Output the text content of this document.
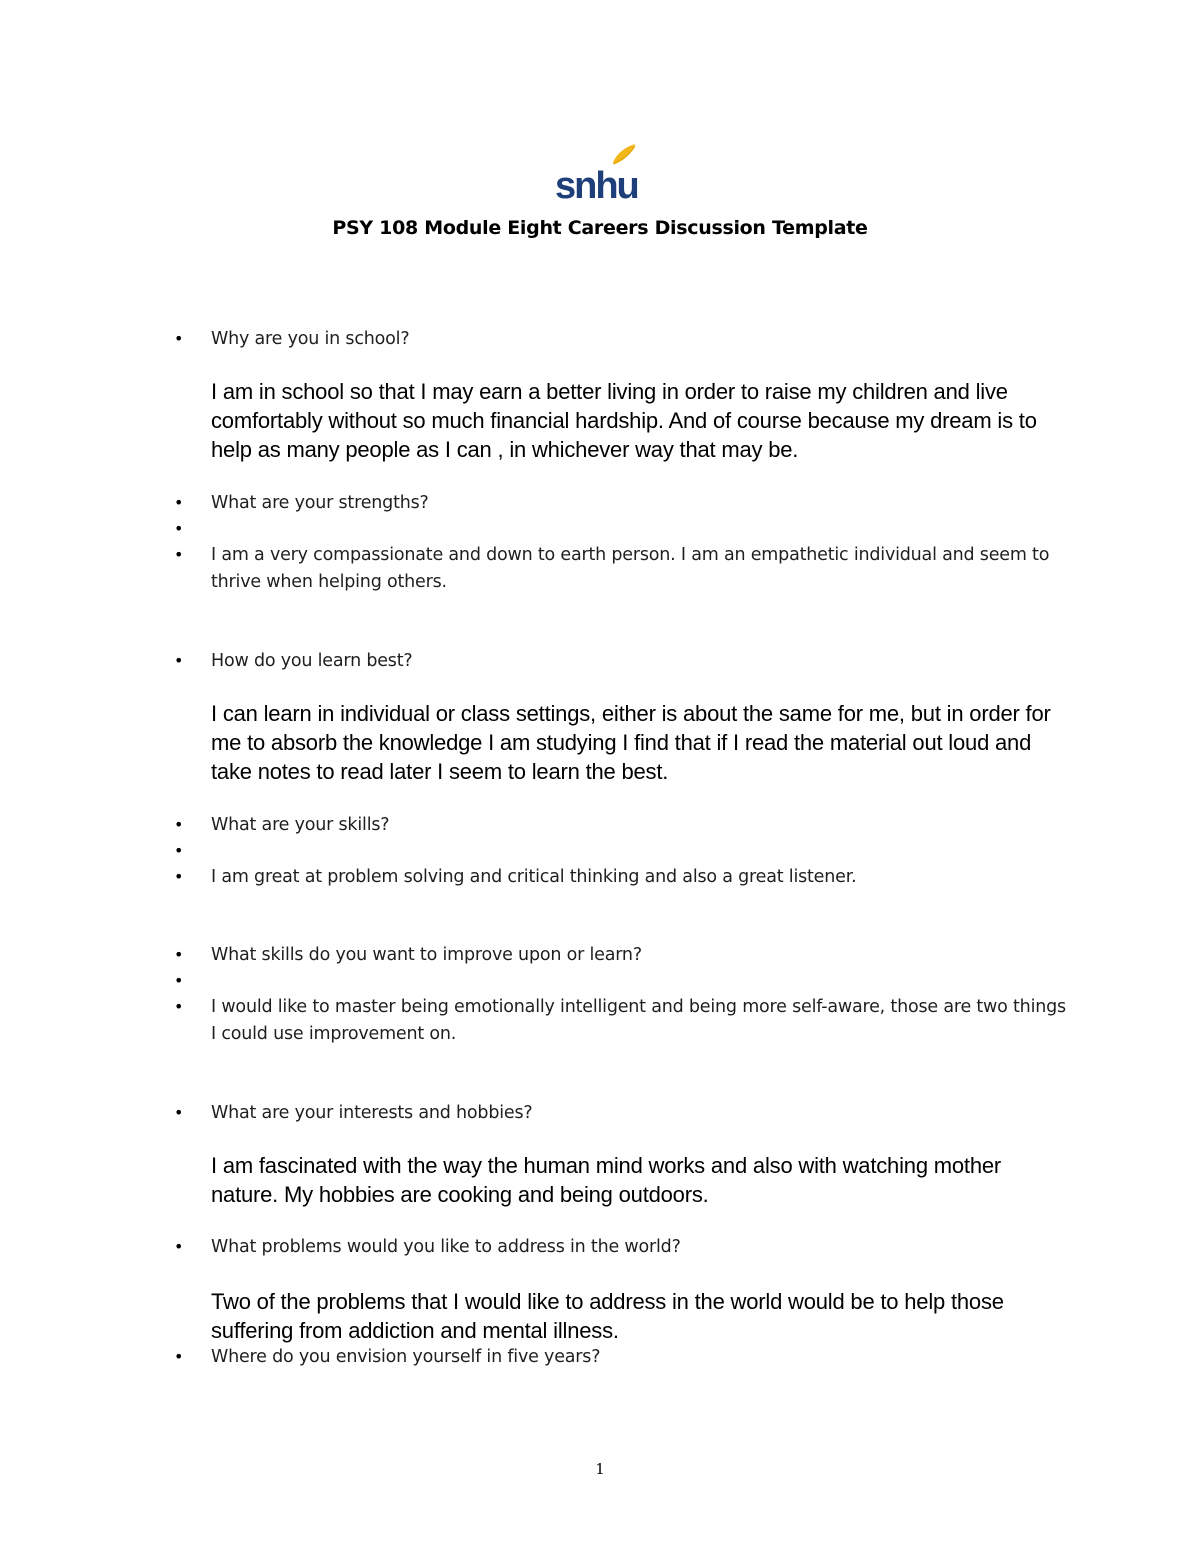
snhu
PSY 108 Module Eight Careers Discussion Template
• Why are you in school?
I am in school so that I may earn a better living in order to raise my children and live comfortably without so much financial hardship. And of course because my dream is to help as many people as I can , in whichever way that may be.
• What are your strengths?
•
• I am a very compassionate and down to earth person. I am an empathetic individual and seem to thrive when helping others.
• How do you learn best?
I can learn in individual or class settings, either is about the same for me, but in order for me to absorb the knowledge I am studying I find that if I read the material out loud and take notes to read later I seem to learn the best.
• What are your skills?
•
• I am great at problem solving and critical thinking and also a great listener.
• What skills do you want to improve upon or learn?
•
• I would like to master being emotionally intelligent and being more self-aware, those are two things I could use improvement on.
• What are your interests and hobbies?
I am fascinated with the way the human mind works and also with watching mother nature. My hobbies are cooking and being outdoors.
• What problems would you like to address in the world?
Two of the problems that I would like to address in the world would be to help those suffering from addiction and mental illness.
• Where do you envision yourself in five years?
1
